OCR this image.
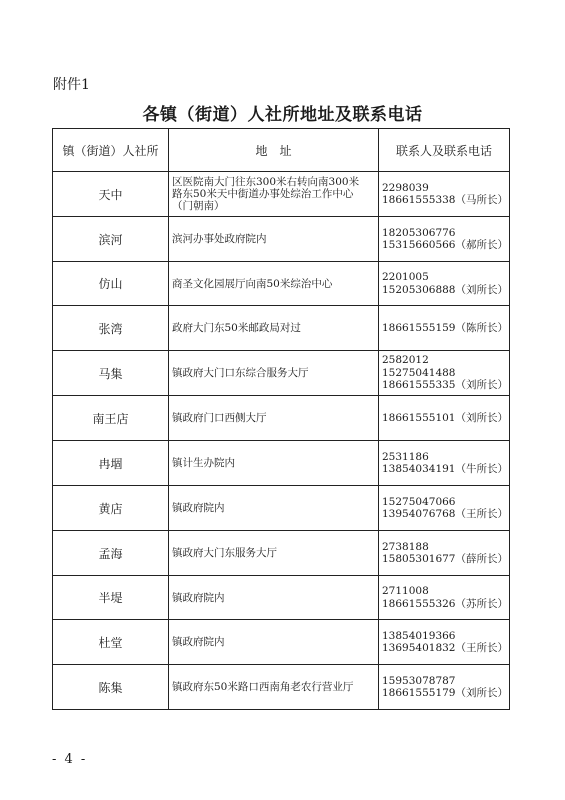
附件1
各镇（街道）人社所地址及联系电话
镇（街道）人社所	地　址	联系人及联系电话
天中	区医院南大门往东300米右转向南300米
路东50米天中街道办事处综治工作中心
（门朝南）	2298039
18661555338（马所长）

滨河	滨河办事处政府院内	18205306776
15315660566（郝所长）

仿山	商圣文化园展厅向南50米综治中心	2201005
15205306888（刘所长）

张湾	政府大门东50米邮政局对过	18661555159（陈所长）

马集	镇政府大门口东综合服务大厅	2582012
15275041488
18661555335（刘所长）

南王店	镇政府门口西侧大厅	18661555101（刘所长）

冉堌	镇计生办院内	2531186
13854034191（牛所长）

黄店	镇政府院内	15275047066
13954076768（王所长）

孟海	镇政府大门东服务大厅	2738188
15805301677（薛所长）

半堤	镇政府院内	2711008
18661555326（苏所长）

杜堂	镇政府院内	13854019366
13695401832（王所长）

陈集	镇政府东50米路口西南角老农行营业厅	15953078787
18661555179（刘所长）
- 4 -
